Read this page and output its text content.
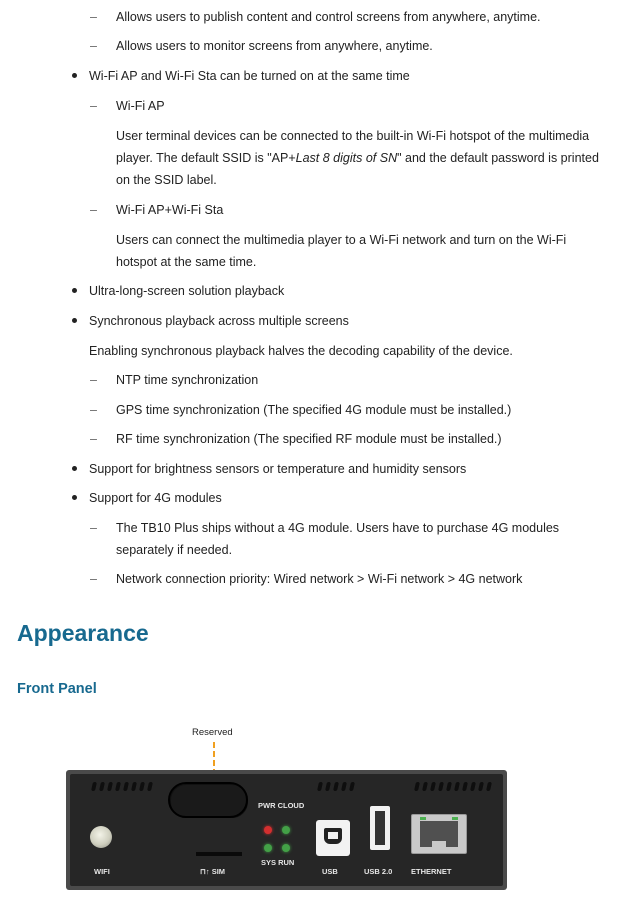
– Allows users to publish content and control screens from anywhere, anytime.
– Allows users to monitor screens from anywhere, anytime.
Wi-Fi AP and Wi-Fi Sta can be turned on at the same time
– Wi-Fi AP
User terminal devices can be connected to the built-in Wi-Fi hotspot of the multimedia
player. The default SSID is "AP+Last 8 digits of SN" and the default password is printed
on the SSID label.
– Wi-Fi AP+Wi-Fi Sta
Users can connect the multimedia player to a Wi-Fi network and turn on the Wi-Fi
hotspot at the same time.
Ultra-long-screen solution playback
Synchronous playback across multiple screens
Enabling synchronous playback halves the decoding capability of the device.
– NTP time synchronization
– GPS time synchronization (The specified 4G module must be installed.)
– RF time synchronization (The specified RF module must be installed.)
Support for brightness sensors or temperature and humidity sensors
Support for 4G modules
– The TB10 Plus ships without a 4G module. Users have to purchase 4G modules
separately if needed.
– Network connection priority: Wired network > Wi-Fi network > 4G network
Appearance
Front Panel
Reserved
PWR CLOUD
SYS RUN
WIFI	⊓↑ SIM	USB	USB 2.0 ETHERNET
